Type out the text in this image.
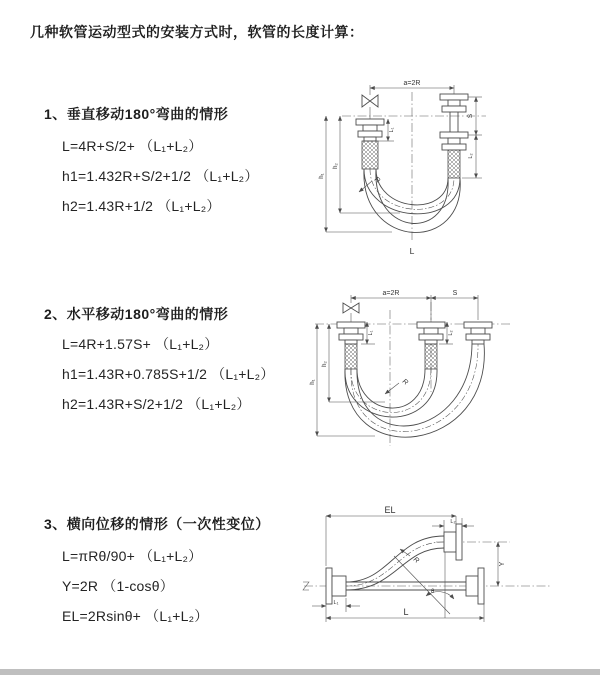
几种软管运动型式的安装方式时，软管的长度计算：
1、垂直移动180°弯曲的情形
L=4R+S/2+ （L₁+L₂）
h1=1.432R+S/2+1/2 （L₁+L₂）
h2=1.43R+1/2 （L₁+L₂）
2、水平移动180°弯曲的情形
L=4R+1.57S+ （L₁+L₂）
h1=1.43R+0.785S+1/2 （L₁+L₂）
h2=1.43R+S/2+1/2 （L₁+L₂）
3、横向位移的情形（一次性变位）
L=πRθ/90+ （L₁+L₂）
Y=2R （1-cosθ）
EL=2Rsinθ+ （L₁+L₂）
a=2R
S
L₂
L₁
h₂
h₁
R
L
a=2R	S
L₁	L₂
h₂
h₁	R
θ
EL
L₂
Y
R
L₁
L
